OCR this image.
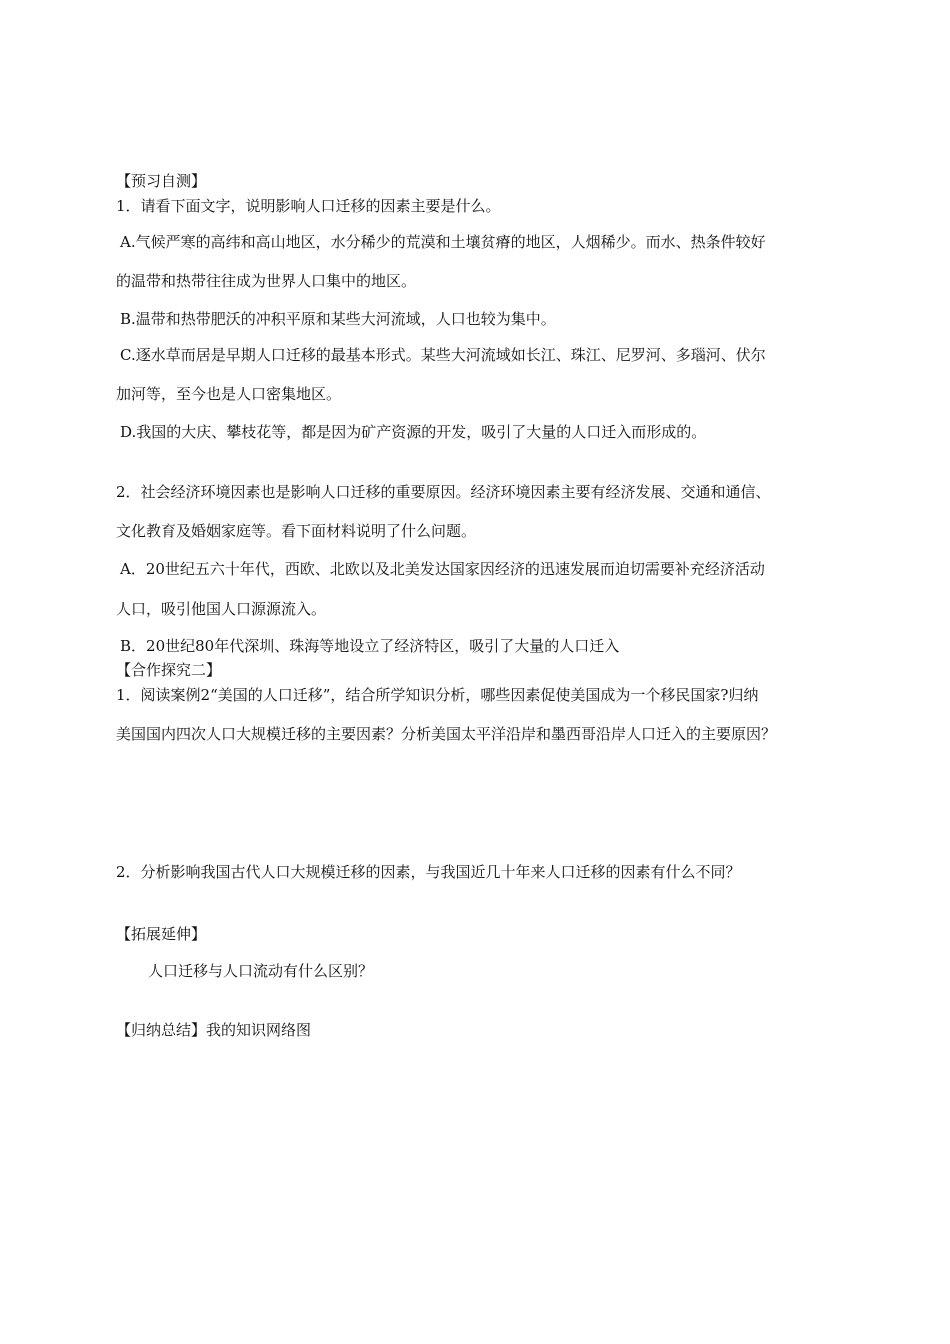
【预习自测】
1．请看下面文字，说明影响人口迁移的因素主要是什么。
A.气候严寒的高纬和高山地区，水分稀少的荒漠和土壤贫瘠的地区，人烟稀少。而水、热条件较好
的温带和热带往往成为世界人口集中的地区。
B.温带和热带肥沃的冲积平原和某些大河流域，人口也较为集中。
C.逐水草而居是早期人口迁移的最基本形式。某些大河流域如长江、珠江、尼罗河、多瑙河、伏尔
加河等，至今也是人口密集地区。
D.我国的大庆、攀枝花等，都是因为矿产资源的开发，吸引了大量的人口迁入而形成的。
2．社会经济环境因素也是影响人口迁移的重要原因。经济环境因素主要有经济发展、交通和通信、
文化教育及婚姻家庭等。看下面材料说明了什么问题。
A．20世纪五六十年代，西欧、北欧以及北美发达国家因经济的迅速发展而迫切需要补充经济活动
人口，吸引他国人口源源流入。
B．20世纪80年代深圳、珠海等地设立了经济特区，吸引了大量的人口迁入
【合作探究二】
1．阅读案例2“美国的人口迁移”，结合所学知识分析，哪些因素促使美国成为一个移民国家?归纳
美国国内四次人口大规模迁移的主要因素？分析美国太平洋沿岸和墨西哥沿岸人口迁入的主要原因？
2．分析影响我国古代人口大规模迁移的因素，与我国近几十年来人口迁移的因素有什么不同？
【拓展延伸】
人口迁移与人口流动有什么区别？
【归纳总结】我的知识网络图
